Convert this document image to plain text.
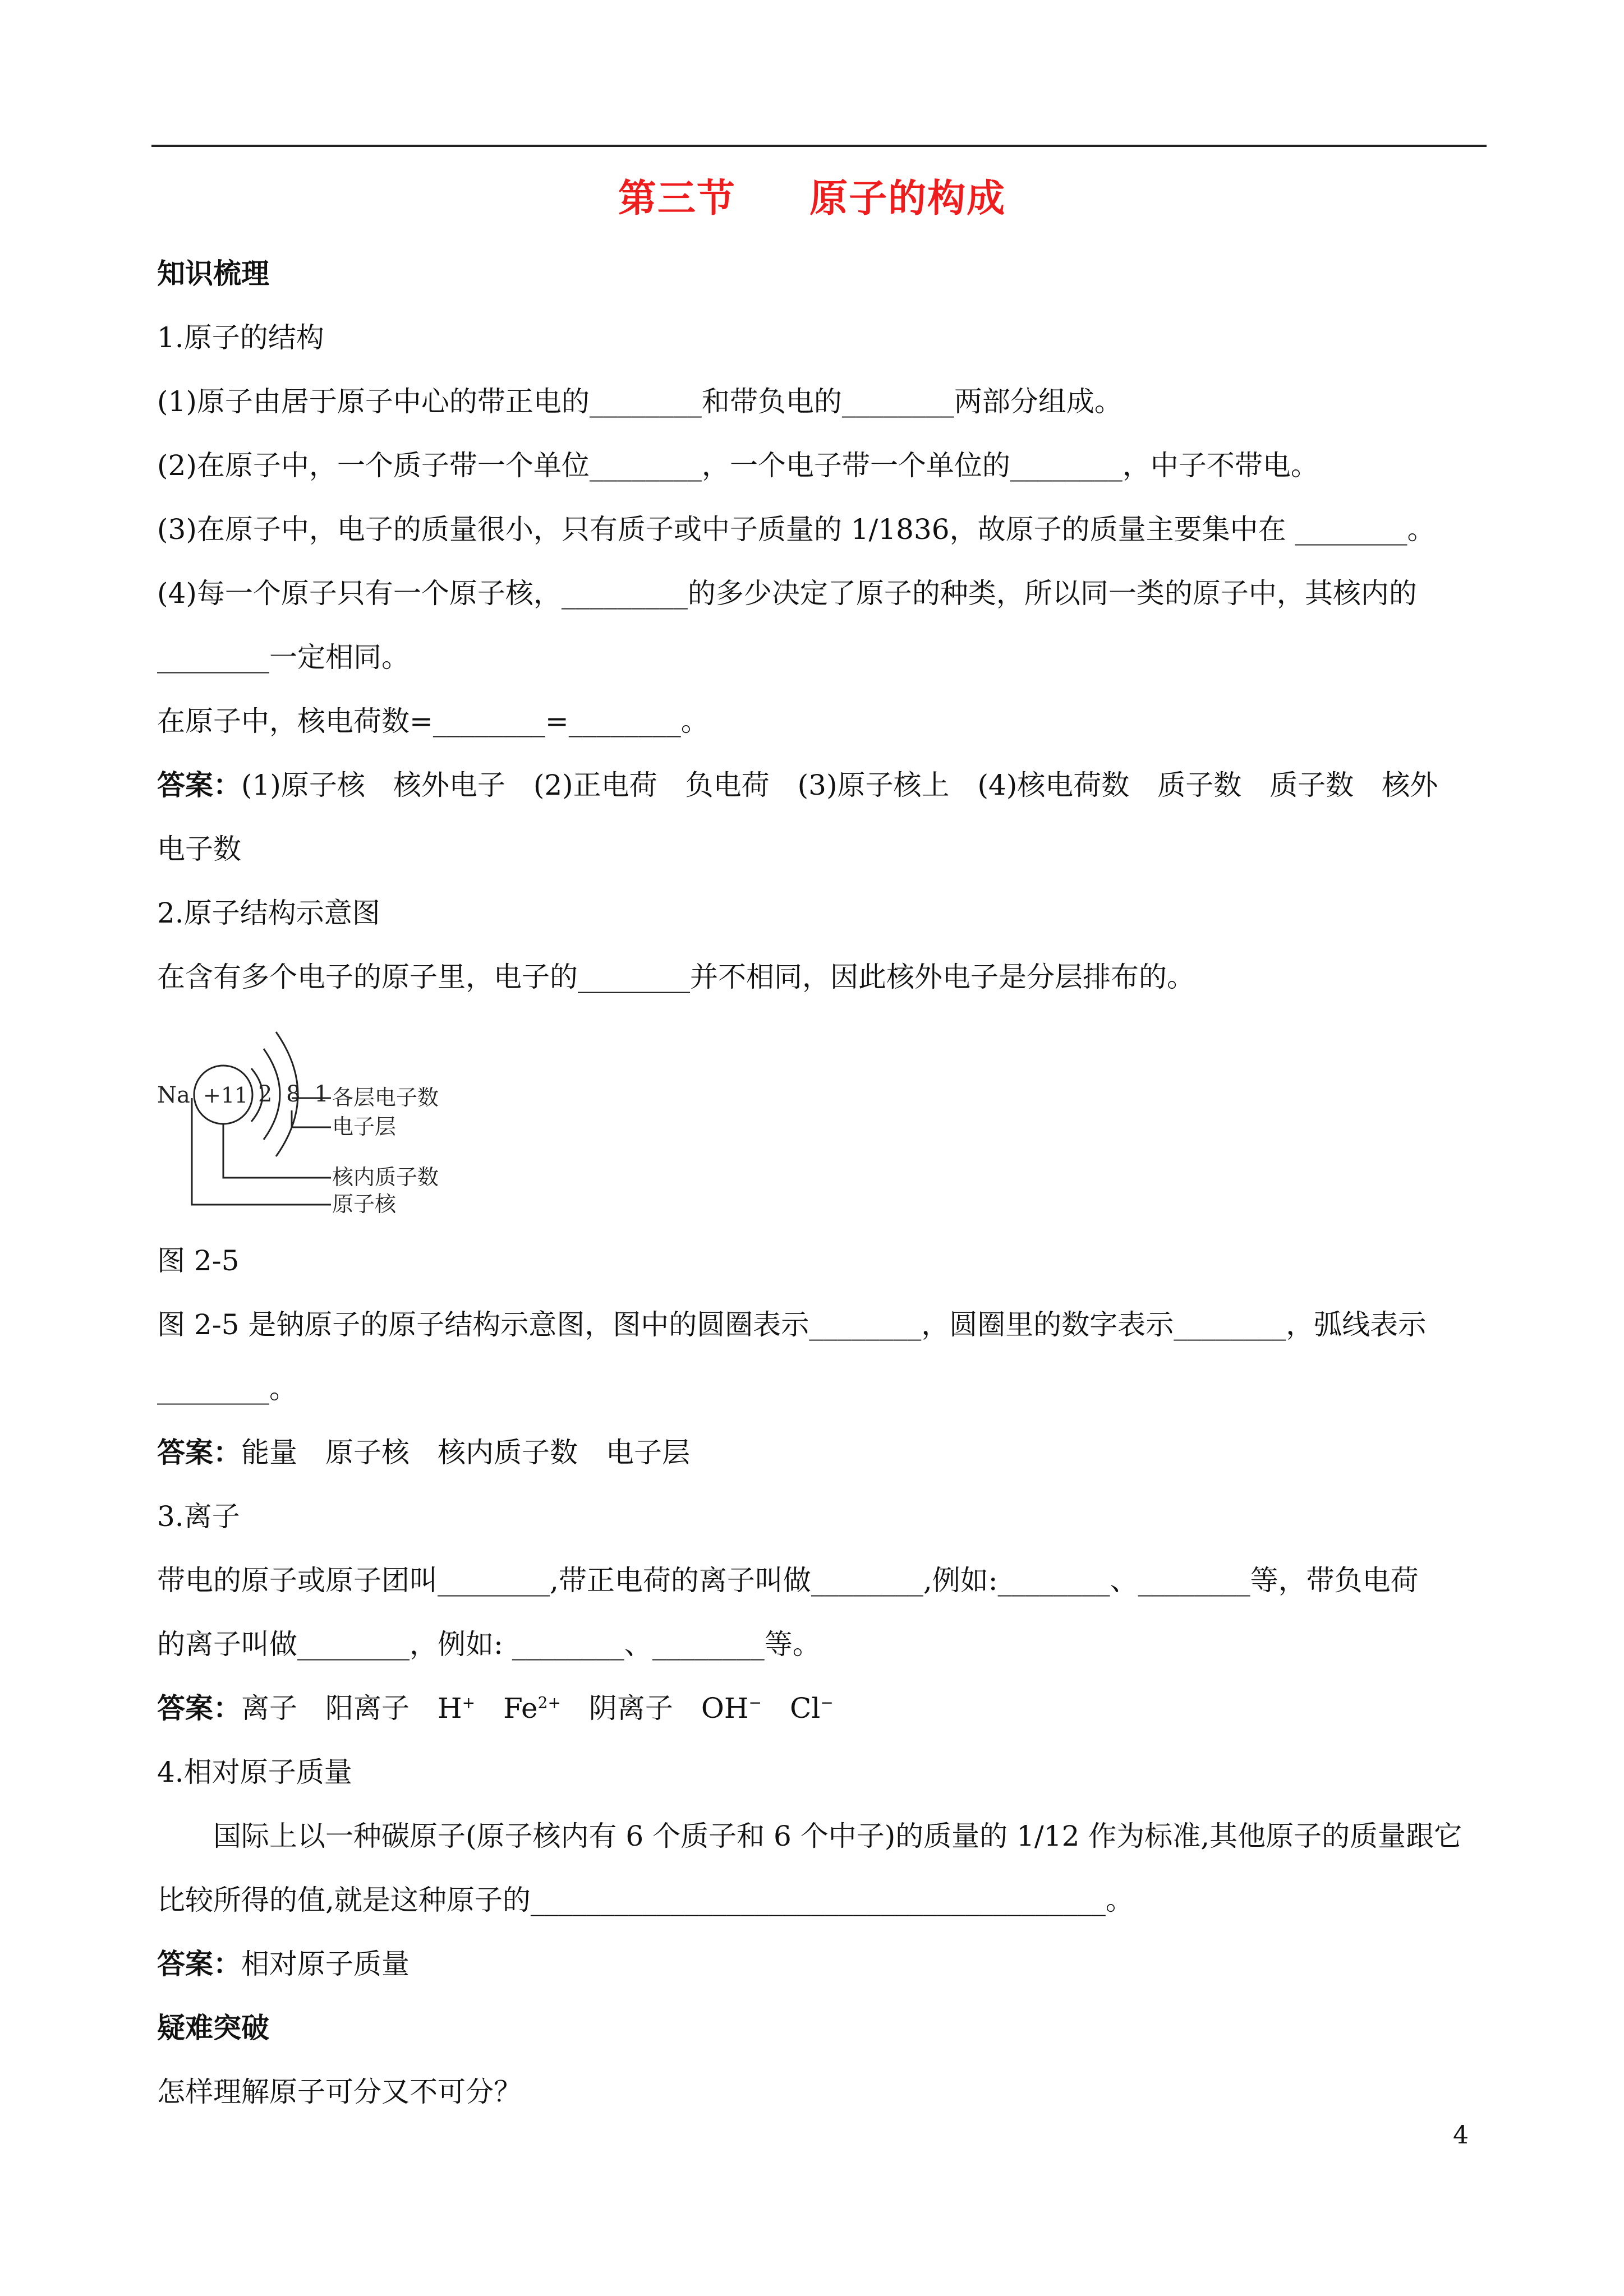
第三节  原子的构成
知识梳理
1.原子的结构
(1)原子由居于原子中心的带正电的________和带负电的________两部分组成。
(2)在原子中，一个质子带一个单位________，一个电子带一个单位的________，中子不带电。
(3)在原子中，电子的质量很小，只有质子或中子质量的 1/1836，故原子的质量主要集中在 ________。
(4)每一个原子只有一个原子核，_________的多少决定了原子的种类，所以同一类的原子中，其核内的
________一定相同。
在原子中，核电荷数=________=________。
答案：(1)原子核　核外电子　(2)正电荷　负电荷　(3)原子核上　(4)核电荷数　质子数　质子数　核外
电子数
2.原子结构示意图
在含有多个电子的原子里，电子的________并不相同，因此核外电子是分层排布的。
Na +11 2 8 1 各层电子数
电子层
核内质子数
原子核
图 2-5
图 2-5 是钠原子的原子结构示意图，图中的圆圈表示________，圆圈里的数字表示________，弧线表示
________。
答案：能量　原子核　核内质子数　电子层
3.离子
带电的原子或原子团叫________,带正电荷的离子叫做________,例如:________、________等，带负电荷
的离子叫做________，例如: ________、________等。
答案：离子　阳离子　H+　$Fe^{2+}$　阴离子　OH−　Cl−
4.相对原子质量
国际上以一种碳原子(原子核内有 6 个质子和 6 个中子)的质量的 1/12 作为标准,其他原子的质量跟它
比较所得的值,就是这种原子的_________________________________________。
答案：相对原子质量
疑难突破
怎样理解原子可分又不可分？
4
